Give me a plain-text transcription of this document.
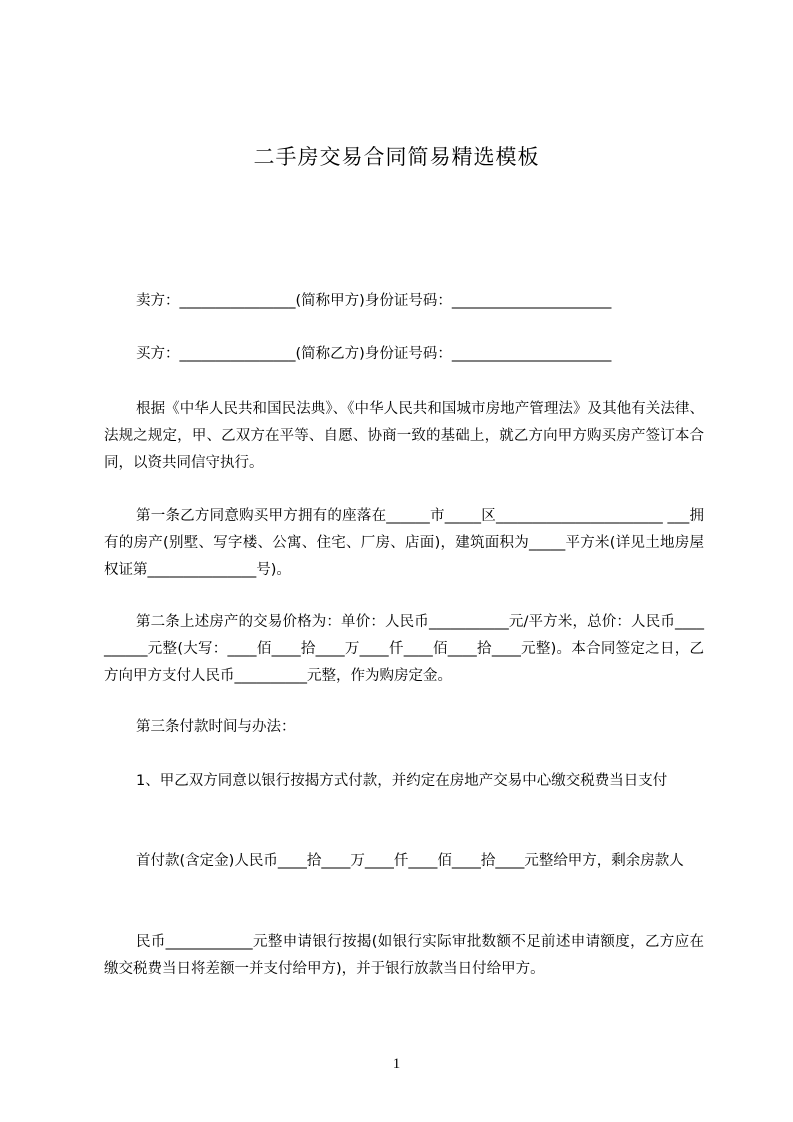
二手房交易合同简易精选模板

卖方：________________(简称甲方)身份证号码：______________________

买方：________________(简称乙方)身份证号码：______________________

根据《中华人民共和国民法典》、《中华人民共和国城市房地产管理法》及其他有关法律、法规之规定，甲、乙双方在平等、自愿、协商一致的基础上，就乙方向甲方购买房产签订本合同，以资共同信守执行。

第一条乙方同意购买甲方拥有的座落在______市_____区_______________________ ___拥有的房产(别墅、写字楼、公寓、住宅、厂房、店面)，建筑面积为_____平方米(详见土地房屋权证第_______________号)。

第二条上述房产的交易价格为：单价：人民币___________元/平方米，总价：人民币__________元整(大写：____佰____拾____万____仟____佰____拾____元整)。本合同签定之日，乙方向甲方支付人民币__________元整，作为购房定金。

第三条付款时间与办法：

1、甲乙双方同意以银行按揭方式付款，并约定在房地产交易中心缴交税费当日支付

首付款(含定金)人民币____拾____万____仟____佰____拾____元整给甲方，剩余房款人

民币____________元整申请银行按揭(如银行实际审批数额不足前述申请额度，乙方应在缴交税费当日将差额一并支付给甲方)，并于银行放款当日付给甲方。

1
